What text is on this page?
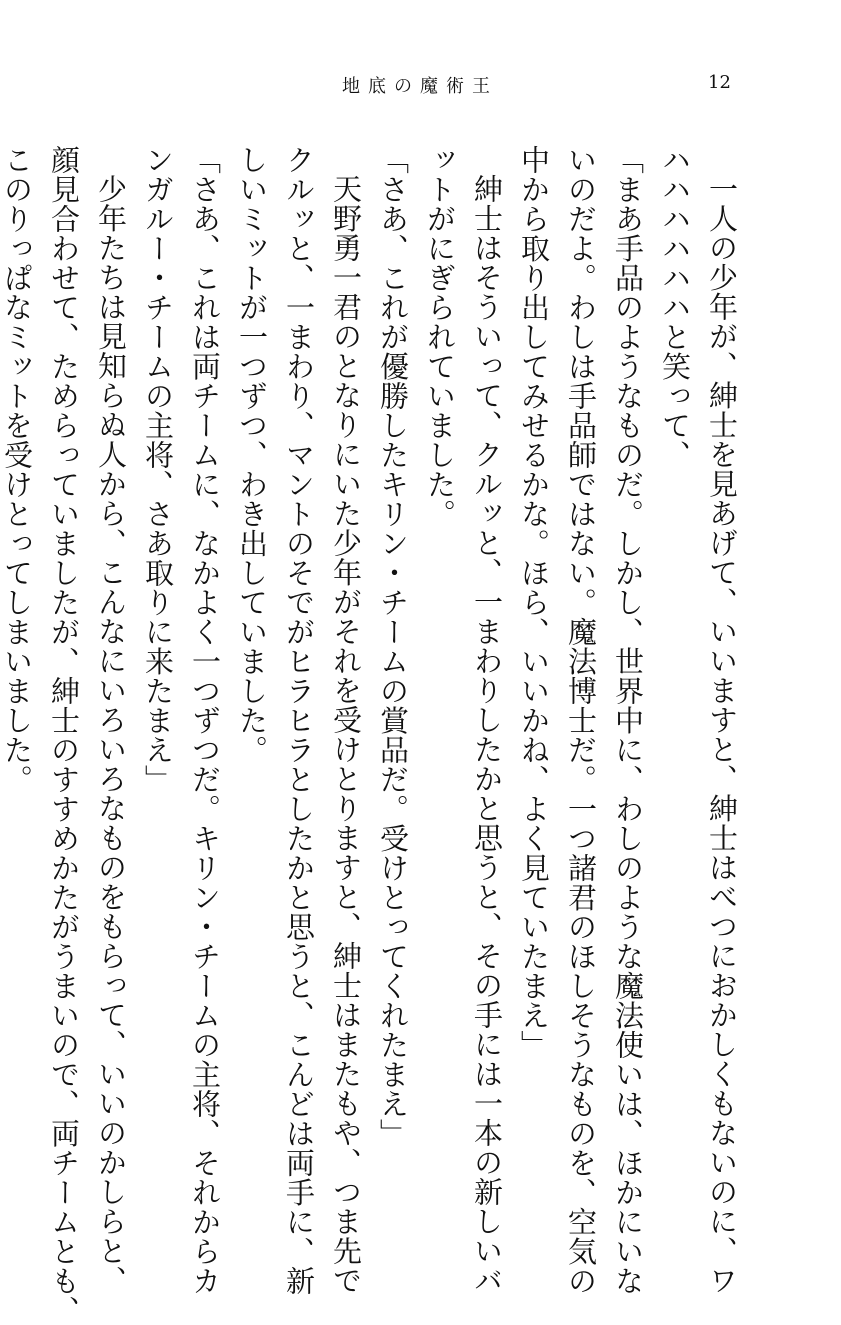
地底の魔術王	12
一人の少年が、紳士を見あげて、いいますと、紳士はべつにおかしくもないのに、ワ
ハハハハハハと笑って、
「まあ手品のようなものだ。しかし、世界中に、わしのような魔法使いは、ほかにいな
いのだよ。わしは手品師ではない。魔法博士だ。一つ諸君のほしそうなものを、空気の
中から取り出してみせるかな。ほら、いいかね、よく見ていたまえ」
紳士はそういって、クルッと、一まわりしたかと思うと、その手には一本の新しいバ
ットがにぎられていました。
「さあ、これが優勝したキリン・チームの賞品だ。受けとってくれたまえ」
天野勇一君のとなりにいた少年がそれを受けとりますと、紳士はまたもや、つま先で
クルッと、一まわり、マントのそでがヒラヒラとしたかと思うと、こんどは両手に、新
しいミットが一つずつ、わき出していました。
「さあ、これは両チームに、なかよく一つずつだ。キリン・チームの主将、それからカ
ンガルー・チームの主将、さあ取りに来たまえ」
少年たちは見知らぬ人から、こんなにいろいろなものをもらって、いいのかしらと、
顔見合わせて、ためらっていましたが、紳士のすすめかたがうまいので、両チームとも、
このりっぱなミットを受けとってしまいました。
